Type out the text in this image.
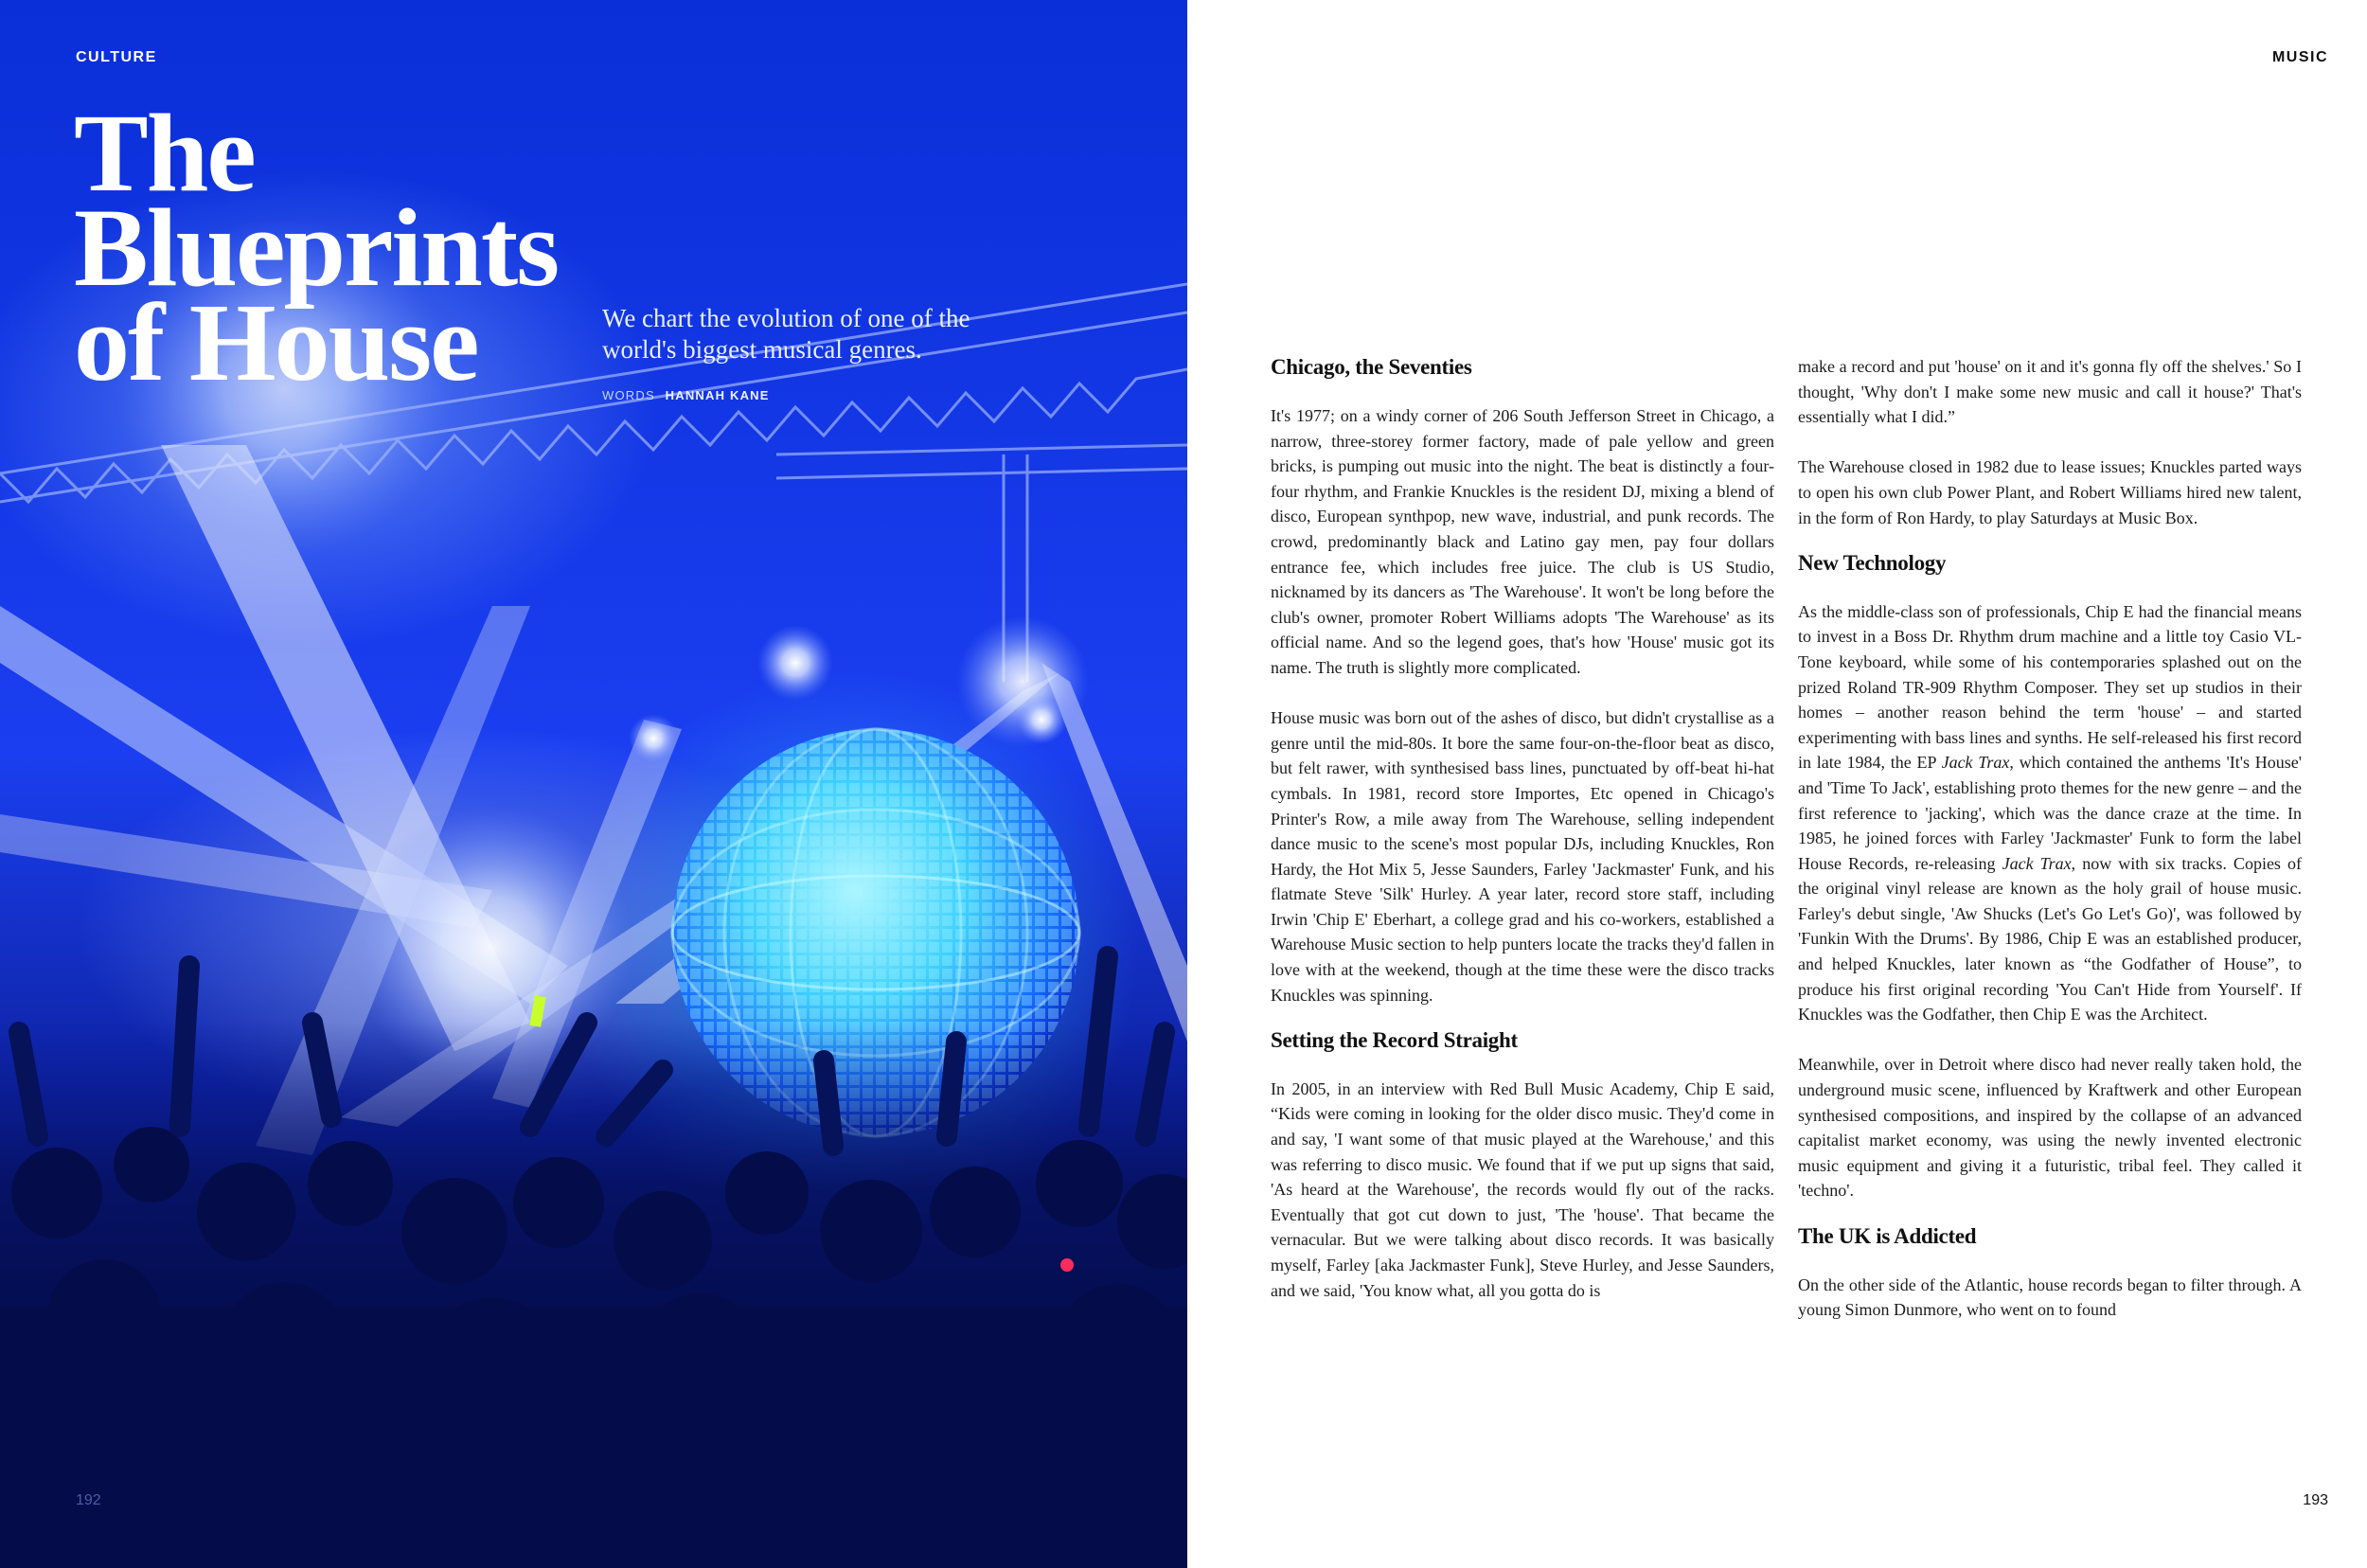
CULTURE
The
Blueprints
of House	We chart the evolution of one of the world's biggest musical genres.

WORDS HANNAH KANE
192
MUSIC
Chicago, the Seventies

It's 1977; on a windy corner of 206 South Jefferson Street in Chicago, a narrow, three-storey former factory, made of pale yellow and green bricks, is pumping out music into the night. The beat is distinctly a four-four rhythm, and Frankie Knuckles is the resident DJ, mixing a blend of disco, European synthpop, new wave, industrial, and punk records. The crowd, predominantly black and Latino gay men, pay four dollars entrance fee, which includes free juice. The club is US Studio, nicknamed by its dancers as 'The Warehouse'. It won't be long before the club's owner, promoter Robert Williams adopts 'The Warehouse' as its official name. And so the legend goes, that's how 'House' music got its name. The truth is slightly more complicated.

House music was born out of the ashes of disco, but didn't crystallise as a genre until the mid-80s. It bore the same four-on-the-floor beat as disco, but felt rawer, with synthesised bass lines, punctuated by off-beat hi-hat cymbals. In 1981, record store Importes, Etc opened in Chicago's Printer's Row, a mile away from The Warehouse, selling independent dance music to the scene's most popular DJs, including Knuckles, Ron Hardy, the Hot Mix 5, Jesse Saunders, Farley 'Jackmaster' Funk, and his flatmate Steve 'Silk' Hurley. A year later, record store staff, including Irwin 'Chip E' Eberhart, a college grad and his co-workers, established a Warehouse Music section to help punters locate the tracks they'd fallen in love with at the weekend, though at the time these were the disco tracks Knuckles was spinning.

Setting the Record Straight

In 2005, in an interview with Red Bull Music Academy, Chip E said, “Kids were coming in looking for the older disco music. They'd come in and say, 'I want some of that music played at the Warehouse,' and this was referring to disco music. We found that if we put up signs that said, 'As heard at the Warehouse', the records would fly out of the racks. Eventually that got cut down to just, 'The 'house'. That became the vernacular. But we were talking about disco records. It was basically myself, Farley [aka Jackmaster Funk], Steve Hurley, and Jesse Saunders, and we said, 'You know what, all you gotta do is

make a record and put 'house' on it and it's gonna fly off the shelves.' So I thought, 'Why don't I make some new music and call it house?' That's essentially what I did.”

The Warehouse closed in 1982 due to lease issues; Knuckles parted ways to open his own club Power Plant, and Robert Williams hired new talent, in the form of Ron Hardy, to play Saturdays at Music Box.

New Technology

As the middle-class son of professionals, Chip E had the financial means to invest in a Boss Dr. Rhythm drum machine and a little toy Casio VL-Tone keyboard, while some of his contemporaries splashed out on the prized Roland TR-909 Rhythm Composer. They set up studios in their homes – another reason behind the term 'house' – and started experimenting with bass lines and synths. He self-released his first record in late 1984, the EP Jack Trax, which contained the anthems 'It's House' and 'Time To Jack', establishing proto themes for the new genre – and the first reference to 'jacking', which was the dance craze at the time. In 1985, he joined forces with Farley 'Jackmaster' Funk to form the label House Records, re-releasing Jack Trax, now with six tracks. Copies of the original vinyl release are known as the holy grail of house music. Farley's debut single, 'Aw Shucks (Let's Go Let's Go)', was followed by 'Funkin With the Drums'. By 1986, Chip E was an established producer, and helped Knuckles, later known as “the Godfather of House”, to produce his first original recording 'You Can't Hide from Yourself'. If Knuckles was the Godfather, then Chip E was the Architect.

Meanwhile, over in Detroit where disco had never really taken hold, the underground music scene, influenced by Kraftwerk and other European synthesised compositions, and inspired by the collapse of an advanced capitalist market economy, was using the newly invented electronic music equipment and giving it a futuristic, tribal feel. They called it 'techno'.

The UK is Addicted

On the other side of the Atlantic, house records began to filter through. A young Simon Dunmore, who went on to found

193
